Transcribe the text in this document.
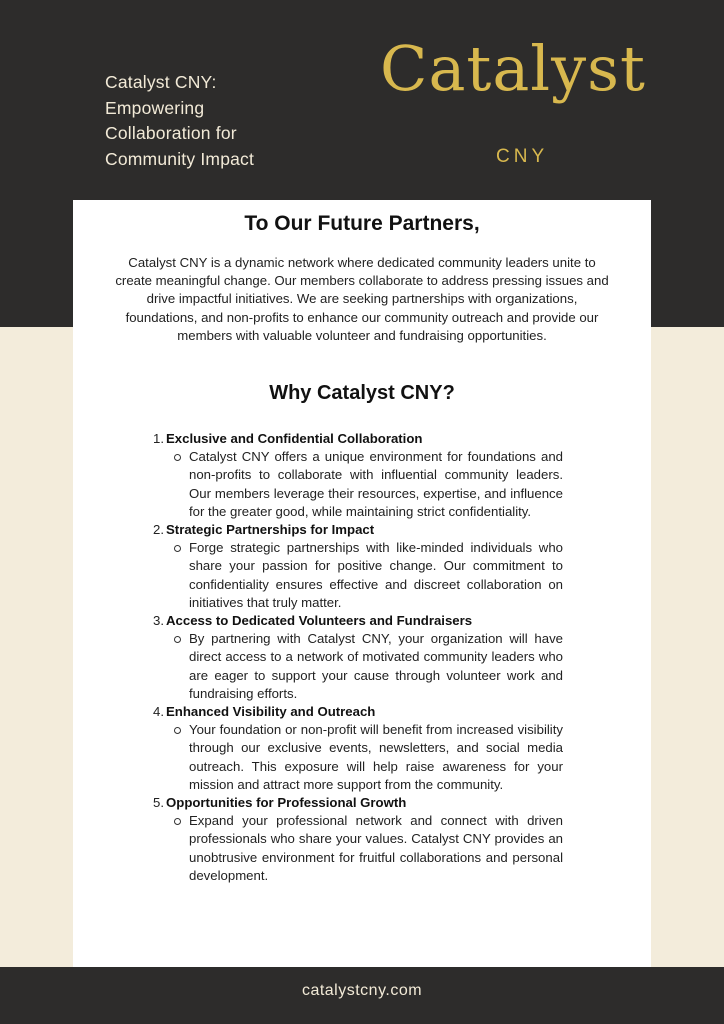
Catalyst CNY:
Empowering
Collaboration for
Community Impact
Catalyst
CNY
To Our Future Partners,

Catalyst CNY is a dynamic network where dedicated community leaders unite to create meaningful change. Our members collaborate to address pressing issues and drive impactful initiatives. We are seeking partnerships with organizations, foundations, and non-profits to enhance our community outreach and provide our members with valuable volunteer and fundraising opportunities.

Why Catalyst CNY?
1. Exclusive and Confidential Collaboration

Catalyst CNY offers a unique environment for foundations and non-profits to collaborate with influential community leaders. Our members leverage their resources, expertise, and influence for the greater good, while maintaining strict confidentiality.

2. Strategic Partnerships for Impact

Forge strategic partnerships with like-minded individuals who share your passion for positive change. Our commitment to confidentiality ensures effective and discreet collaboration on initiatives that truly matter.

3. Access to Dedicated Volunteers and Fundraisers

By partnering with Catalyst CNY, your organization will have direct access to a network of motivated community leaders who are eager to support your cause through volunteer work and fundraising efforts.

4. Enhanced Visibility and Outreach

Your foundation or non-profit will benefit from increased visibility through our exclusive events, newsletters, and social media outreach. This exposure will help raise awareness for your mission and attract more support from the community.

5. Opportunities for Professional Growth

Expand your professional network and connect with driven professionals who share your values. Catalyst CNY provides an unobtrusive environment for fruitful collaborations and personal development.

catalystcny.com
